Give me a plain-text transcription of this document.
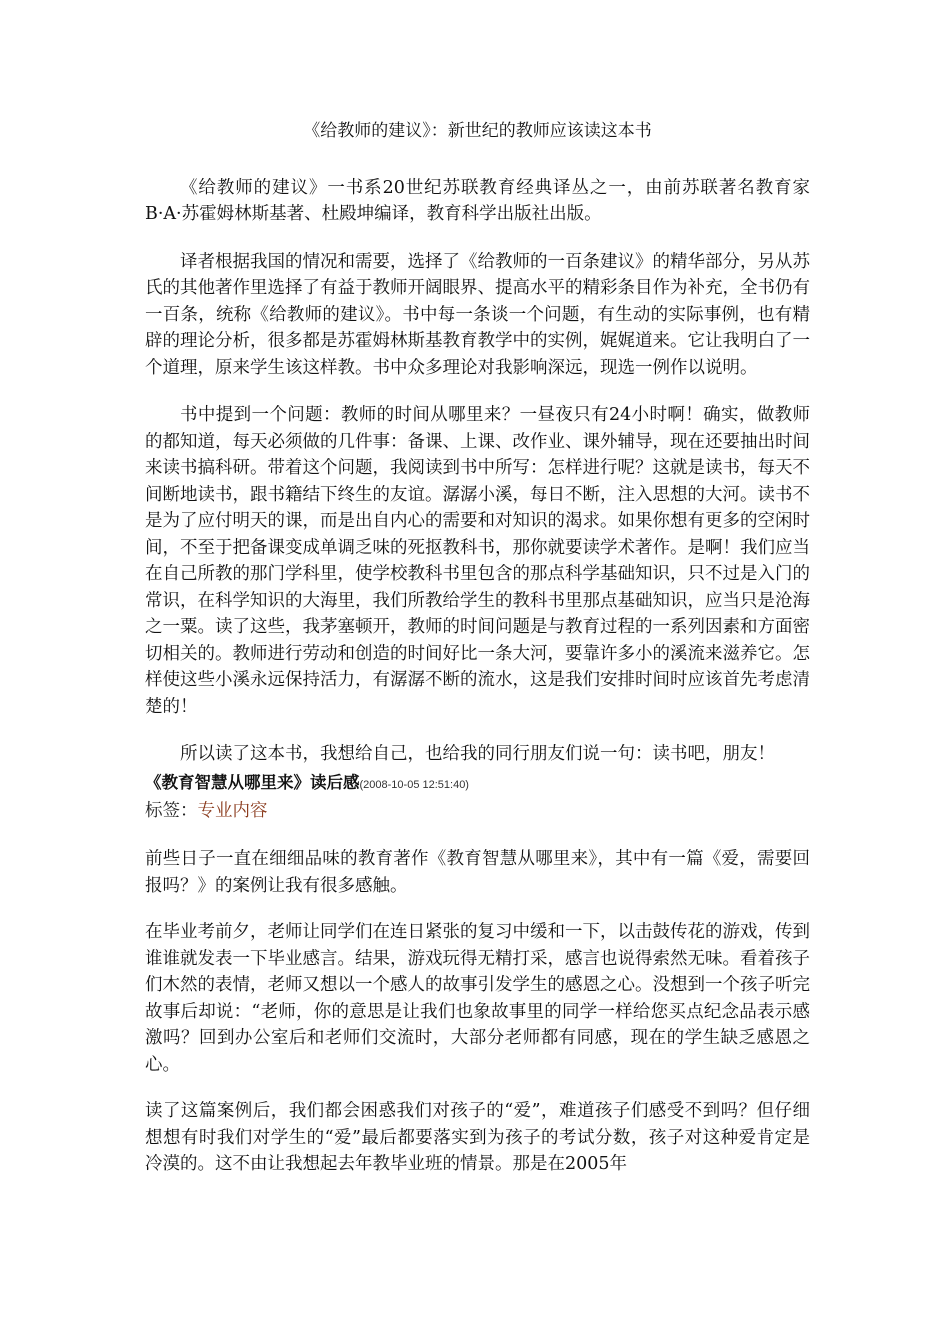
《给教师的建议》：新世纪的教师应该读这本书

《给教师的建议》一书系20世纪苏联教育经典译丛之一，由前苏联著名教育家B·A·苏霍姆林斯基著、杜殿坤编译，教育科学出版社出版。

译者根据我国的情况和需要，选择了《给教师的一百条建议》的精华部分，另从苏氏的其他著作里选择了有益于教师开阔眼界、提高水平的精彩条目作为补充，全书仍有一百条，统称《给教师的建议》。书中每一条谈一个问题，有生动的实际事例，也有精辟的理论分析，很多都是苏霍姆林斯基教育教学中的实例，娓娓道来。它让我明白了一个道理，原来学生该这样教。书中众多理论对我影响深远，现选一例作以说明。

书中提到一个问题：教师的时间从哪里来？一昼夜只有24小时啊！确实，做教师的都知道，每天必须做的几件事：备课、上课、改作业、课外辅导，现在还要抽出时间来读书搞科研。带着这个问题，我阅读到书中所写：怎样进行呢？这就是读书，每天不间断地读书，跟书籍结下终生的友谊。潺潺小溪，每日不断，注入思想的大河。读书不是为了应付明天的课，而是出自内心的需要和对知识的渴求。如果你想有更多的空闲时间，不至于把备课变成单调乏味的死抠教科书，那你就要读学术著作。是啊！我们应当在自己所教的那门学科里，使学校教科书里包含的那点科学基础知识，只不过是入门的常识，在科学知识的大海里，我们所教给学生的教科书里那点基础知识，应当只是沧海之一粟。读了这些，我茅塞顿开，教师的时间问题是与教育过程的一系列因素和方面密切相关的。教师进行劳动和创造的时间好比一条大河，要靠许多小的溪流来滋养它。怎样使这些小溪永远保持活力，有潺潺不断的流水，这是我们安排时间时应该首先考虑清楚的！

所以读了这本书，我想给自己，也给我的同行朋友们说一句：读书吧，朋友！

《教育智慧从哪里来》读后感(2008-10-05 12:51:40)

标签：专业内容

前些日子一直在细细品味的教育著作《教育智慧从哪里来》，其中有一篇《爱，需要回报吗？》的案例让我有很多感触。

在毕业考前夕，老师让同学们在连日紧张的复习中缓和一下，以击鼓传花的游戏，传到谁谁就发表一下毕业感言。结果，游戏玩得无精打采，感言也说得索然无味。看着孩子们木然的表情，老师又想以一个感人的故事引发学生的感恩之心。没想到一个孩子听完故事后却说：“老师，你的意思是让我们也象故事里的同学一样给您买点纪念品表示感激吗？回到办公室后和老师们交流时，大部分老师都有同感，现在的学生缺乏感恩之心。

读了这篇案例后，我们都会困惑我们对孩子的“爱”，难道孩子们感受不到吗？但仔细想想有时我们对学生的“爱”最后都要落实到为孩子的考试分数，孩子对这种爱肯定是冷漠的。这不由让我想起去年教毕业班的情景。那是在2005年
